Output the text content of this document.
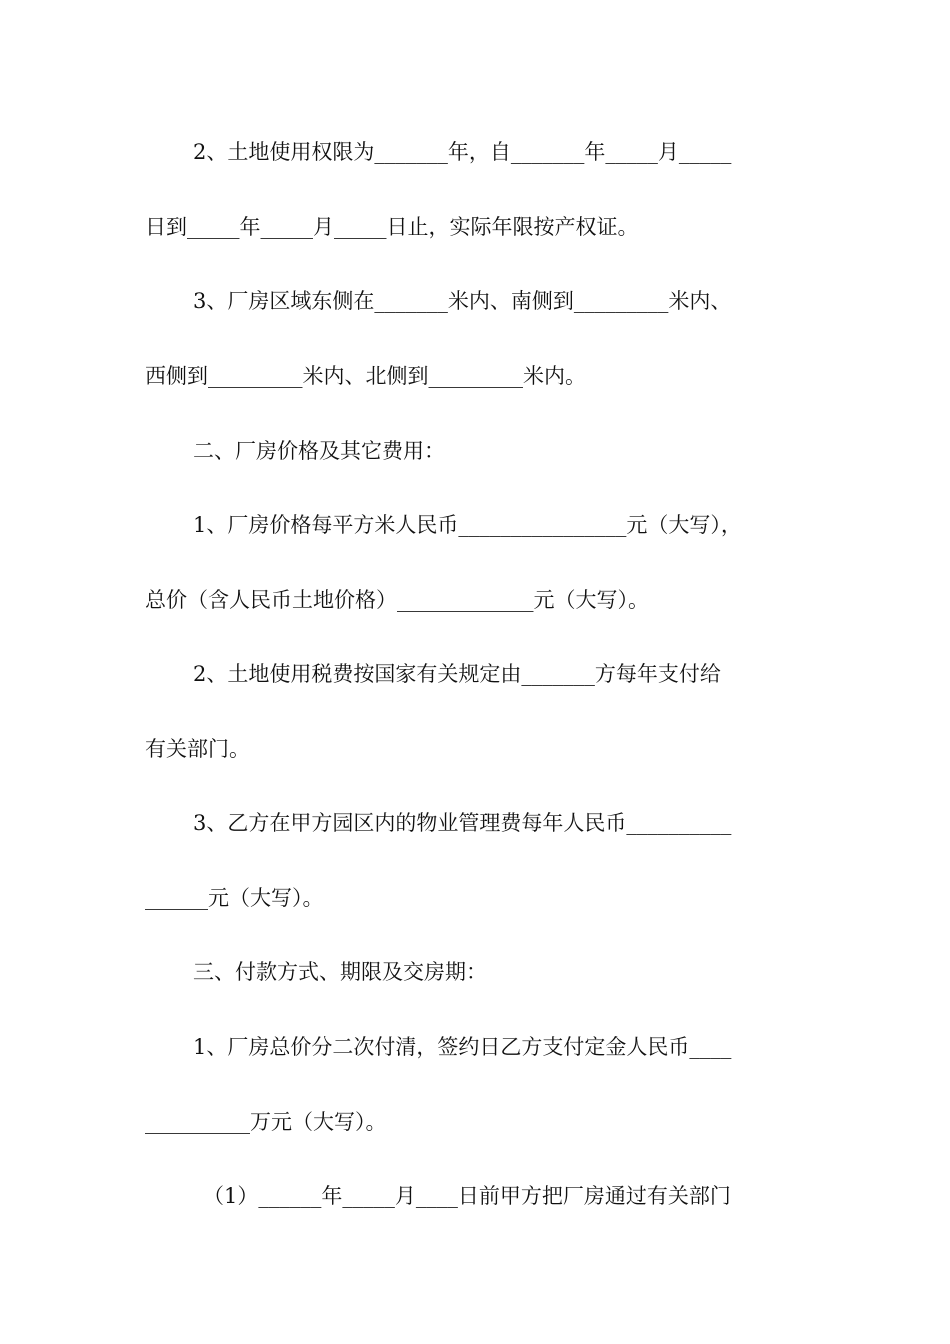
2、土地使用权限为_______年，自_______年_____月_____
日到_____年_____月_____日止，实际年限按产权证。
3、厂房区域东侧在_______米内、南侧到_________米内、
西侧到_________米内、北侧到_________米内。
二、厂房价格及其它费用：
1、厂房价格每平方米人民币________________元（大写），
总价（含人民币土地价格）_____________元（大写）。
2、土地使用税费按国家有关规定由_______方每年支付给
有关部门。
3、乙方在甲方园区内的物业管理费每年人民币__________
______元（大写）。
三、付款方式、期限及交房期：
1、厂房总价分二次付清，签约日乙方支付定金人民币____
__________万元（大写）。
（1）______年_____月____日前甲方把厂房通过有关部门
